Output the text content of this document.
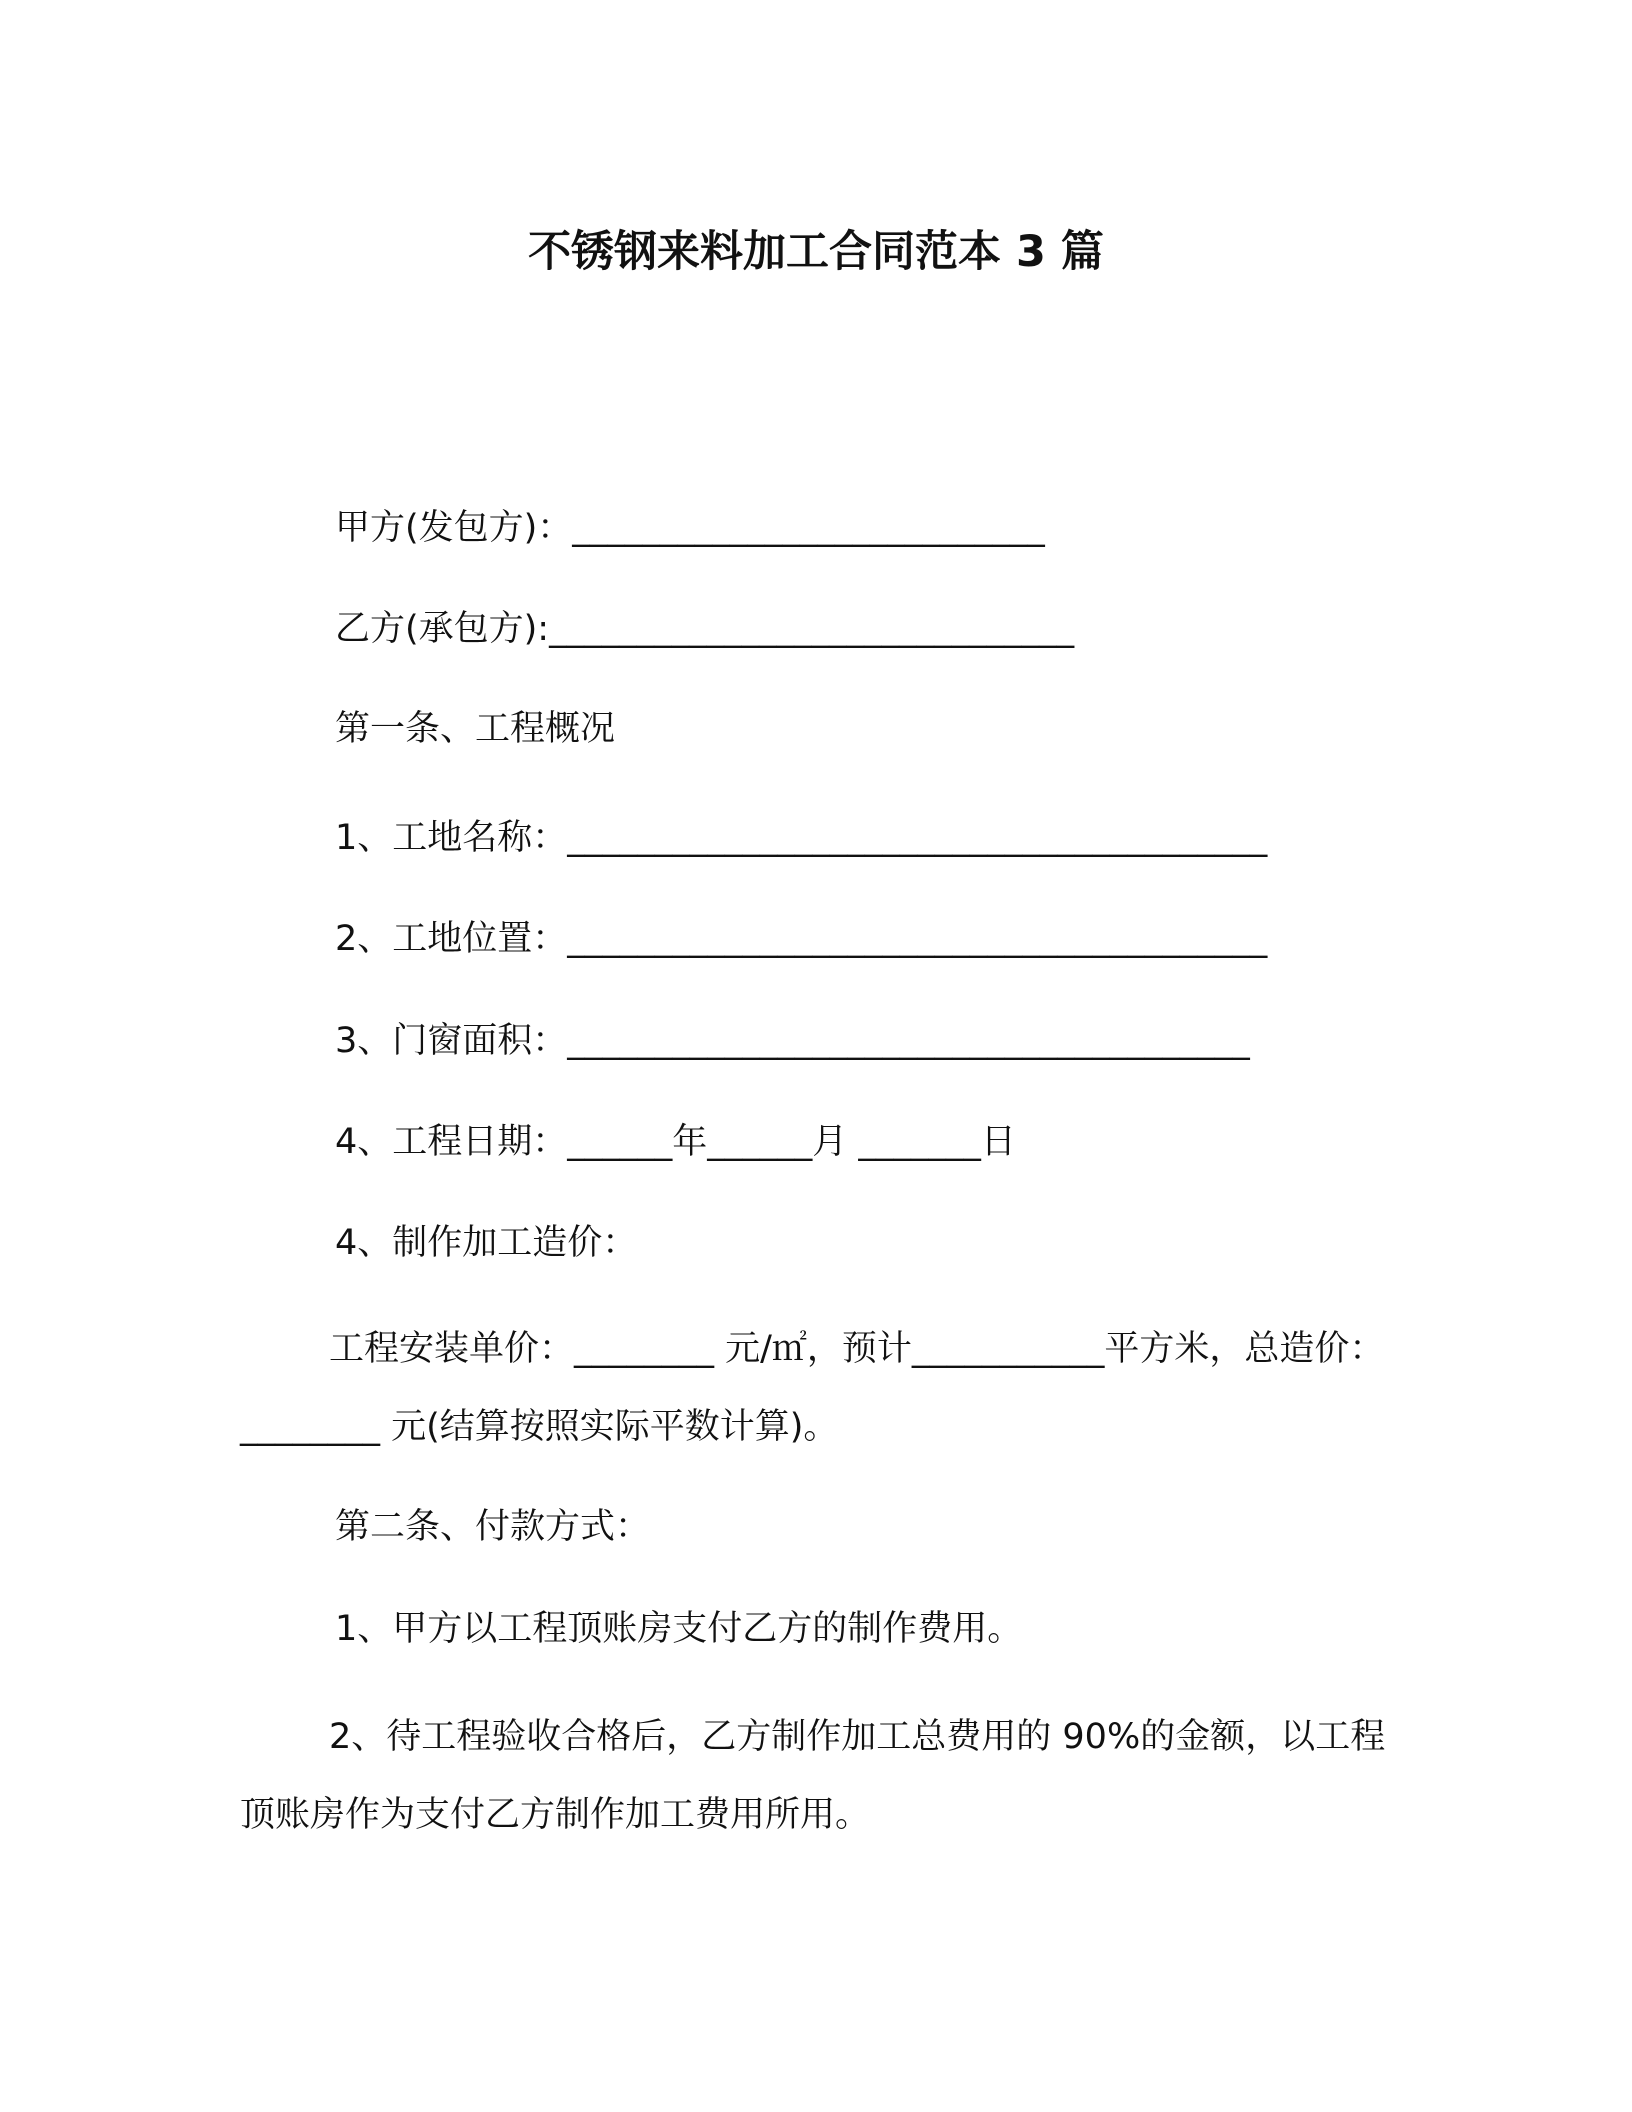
不锈钢来料加工合同范本 3 篇
甲方(发包方)：___________________________
乙方(承包方):______________________________
第一条、工程概况
1、工地名称：________________________________________
2、工地位置：________________________________________
3、门窗面积：_______________________________________
4、工程日期：______年______月 _______日
4、制作加工造价：
工程安装单价：________ 元/㎡，预计___________平方米，总造价：________ 元(结算按照实际平数计算)。
第二条、付款方式：
1、甲方以工程顶账房支付乙方的制作费用。
2、待工程验收合格后，乙方制作加工总费用的 90%的金额，以工程顶账房作为支付乙方制作加工费用所用。
